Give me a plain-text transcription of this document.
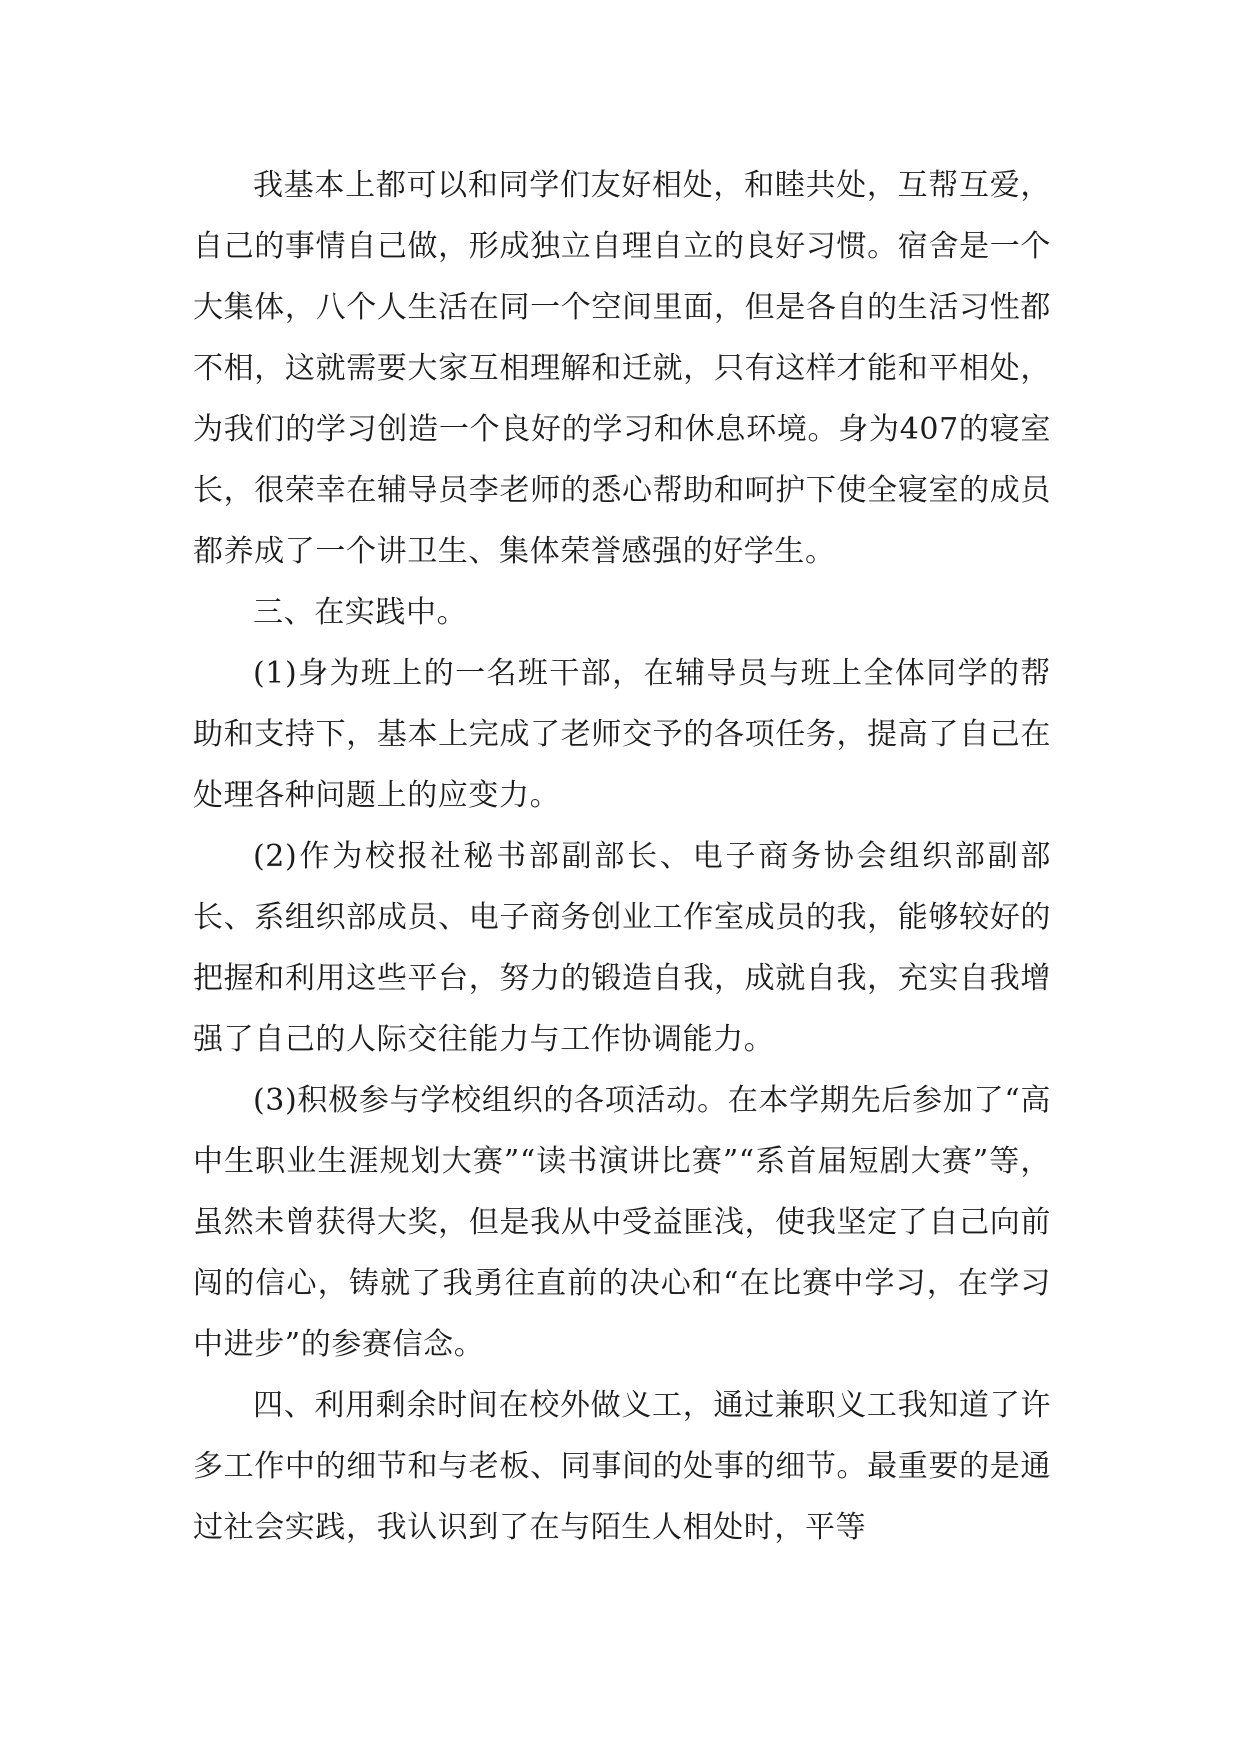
我基本上都可以和同学们友好相处，和睦共处，互帮互爱，自己的事情自己做，形成独立自理自立的良好习惯。宿舍是一个大集体，八个人生活在同一个空间里面，但是各自的生活习性都不相，这就需要大家互相理解和迁就，只有这样才能和平相处，为我们的学习创造一个良好的学习和休息环境。身为407的寝室长，很荣幸在辅导员李老师的悉心帮助和呵护下使全寝室的成员都养成了一个讲卫生、集体荣誉感强的好学生。

三、在实践中。

(1)身为班上的一名班干部，在辅导员与班上全体同学的帮助和支持下，基本上完成了老师交予的各项任务，提高了自己在处理各种问题上的应变力。

(2)作为校报社秘书部副部长、电子商务协会组织部副部长、系组织部成员、电子商务创业工作室成员的我，能够较好的把握和利用这些平台，努力的锻造自我，成就自我，充实自我增强了自己的人际交往能力与工作协调能力。

(3)积极参与学校组织的各项活动。在本学期先后参加了“高中生职业生涯规划大赛”“读书演讲比赛”“系首届短剧大赛”等，虽然未曾获得大奖，但是我从中受益匪浅，使我坚定了自己向前闯的信心，铸就了我勇往直前的决心和“在比赛中学习，在学习中进步”的参赛信念。

四、利用剩余时间在校外做义工，通过兼职义工我知道了许多工作中的细节和与老板、同事间的处事的细节。最重要的是通过社会实践，我认识到了在与陌生人相处时，平等
